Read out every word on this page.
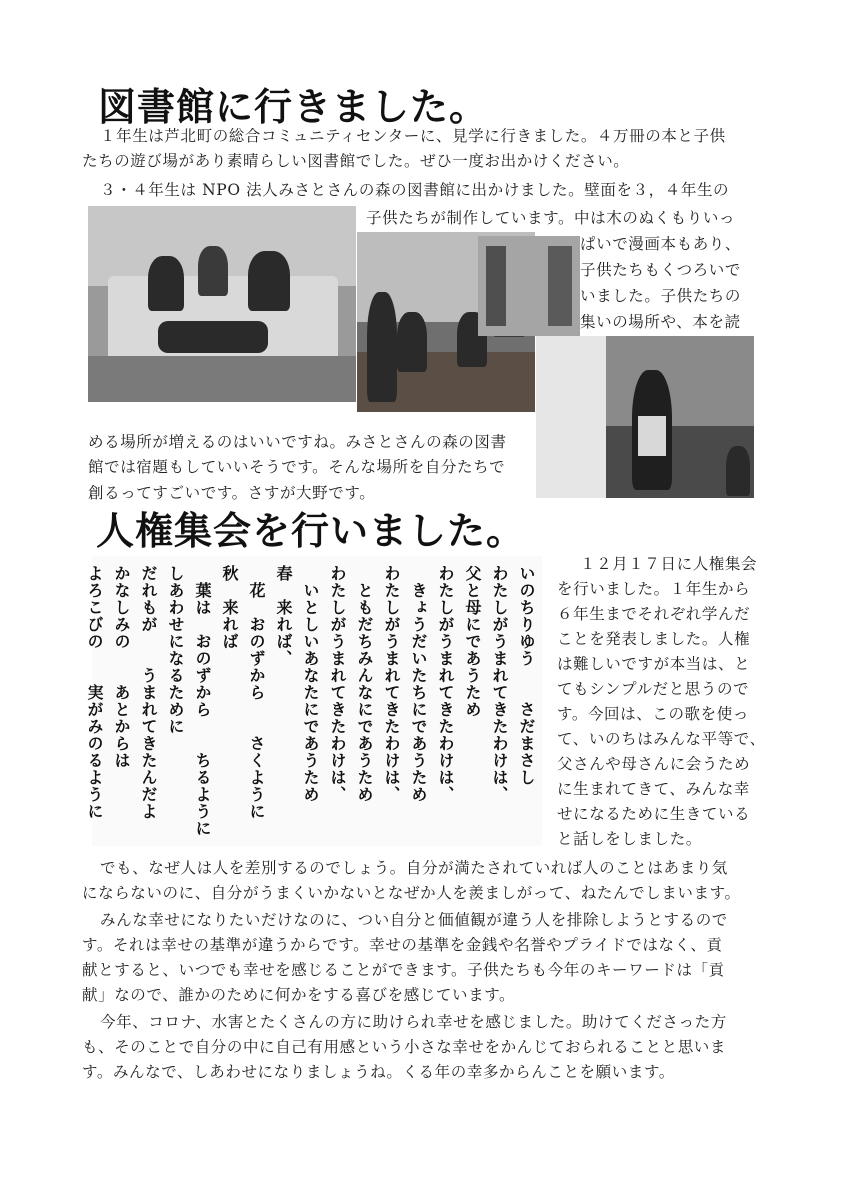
図書館に行きました。

１年生は芦北町の総合コミュニティセンターに、見学に行きました。４万冊の本と子供

たちの遊び場があり素晴らしい図書館でした。ぜひ一度お出かけください。

３・４年生は NPO 法人みさとさんの森の図書館に出かけました。壁面を３，４年生の

子供たちが制作しています。中は木のぬくもりいっ

ぱいで漫画本もあり、

子供たちもくつろいで

いました。子供たちの

集いの場所や、本を読

める場所が増えるのはいいですね。みさとさんの森の図書

館では宿題もしていいそうです。そんな場所を自分たちで

創るってすごいです。さすが大野です。

人権集会を行いました。
いのちりゆう　　さだまさし
わたしがうまれてきたわけは、
父と母にであうため
わたしがうまれてきたわけは、
　きょうだいたちにであうため
わたしがうまれてきたわけは、
　ともだちみんなにであうため
わたしがうまれてきたわけは、
　いとしいあなたにであうため
春　来れば、
　花　おのずから　　さくように
秋　来れば
　葉は　おのずから　　ちるように
しあわせになるために
だれもが　　うまれてきたんだよ
かなしみの　　あとからは
よろこびの　　実がみのるように

１２月１７日に人権集会

を行いました。１年生から

６年生までそれぞれ学んだ

ことを発表しました。人権

は難しいですが本当は、と

てもシンプルだと思うので

す。今回は、この歌を使っ

て、いのちはみんな平等で、

父さんや母さんに会うため

に生まれてきて、みんな幸

せになるために生きている

と話しをしました。

でも、なぜ人は人を差別するのでしょう。自分が満たされていれば人のことはあまり気

にならないのに、自分がうまくいかないとなぜか人を羨ましがって、ねたんでしまいます。

みんな幸せになりたいだけなのに、つい自分と価値観が違う人を排除しようとするので

す。それは幸せの基準が違うからです。幸せの基準を金銭や名誉やプライドではなく、貢

献とすると、いつでも幸せを感じることができます。子供たちも今年のキーワードは「貢

献」なので、誰かのために何かをする喜びを感じています。

今年、コロナ、水害とたくさんの方に助けられ幸せを感じました。助けてくださった方

も、そのことで自分の中に自己有用感という小さな幸せをかんじておられることと思いま

す。みんなで、しあわせになりましょうね。くる年の幸多からんことを願います。
